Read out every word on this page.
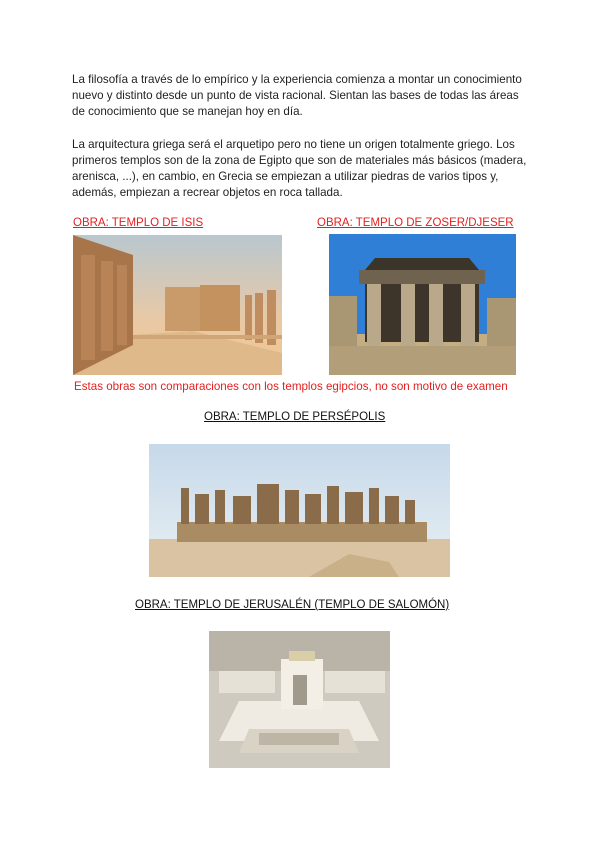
La filosofía a través de lo empírico y la experiencia comienza a montar un conocimiento nuevo y distinto desde un punto de vista racional. Sientan las bases de todas las áreas de conocimiento que se manejan hoy en día.

La arquitectura griega será el arquetipo pero no tiene un origen totalmente griego. Los primeros templos son de la zona de Egipto que son de materiales más básicos (madera, arenisca, ...), en cambio, en Grecia se empiezan a utilizar piedras de varios tipos y, además, empiezan a recrear objetos en roca tallada.

OBRA: TEMPLO DE ISIS	OBRA: TEMPLO DE ZOSER/DJESER
Estas obras son comparaciones con los templos egipcios, no son motivo de examen
OBRA: TEMPLO DE PERSÉPOLIS
OBRA: TEMPLO DE JERUSALÉN (TEMPLO DE SALOMÓN)
